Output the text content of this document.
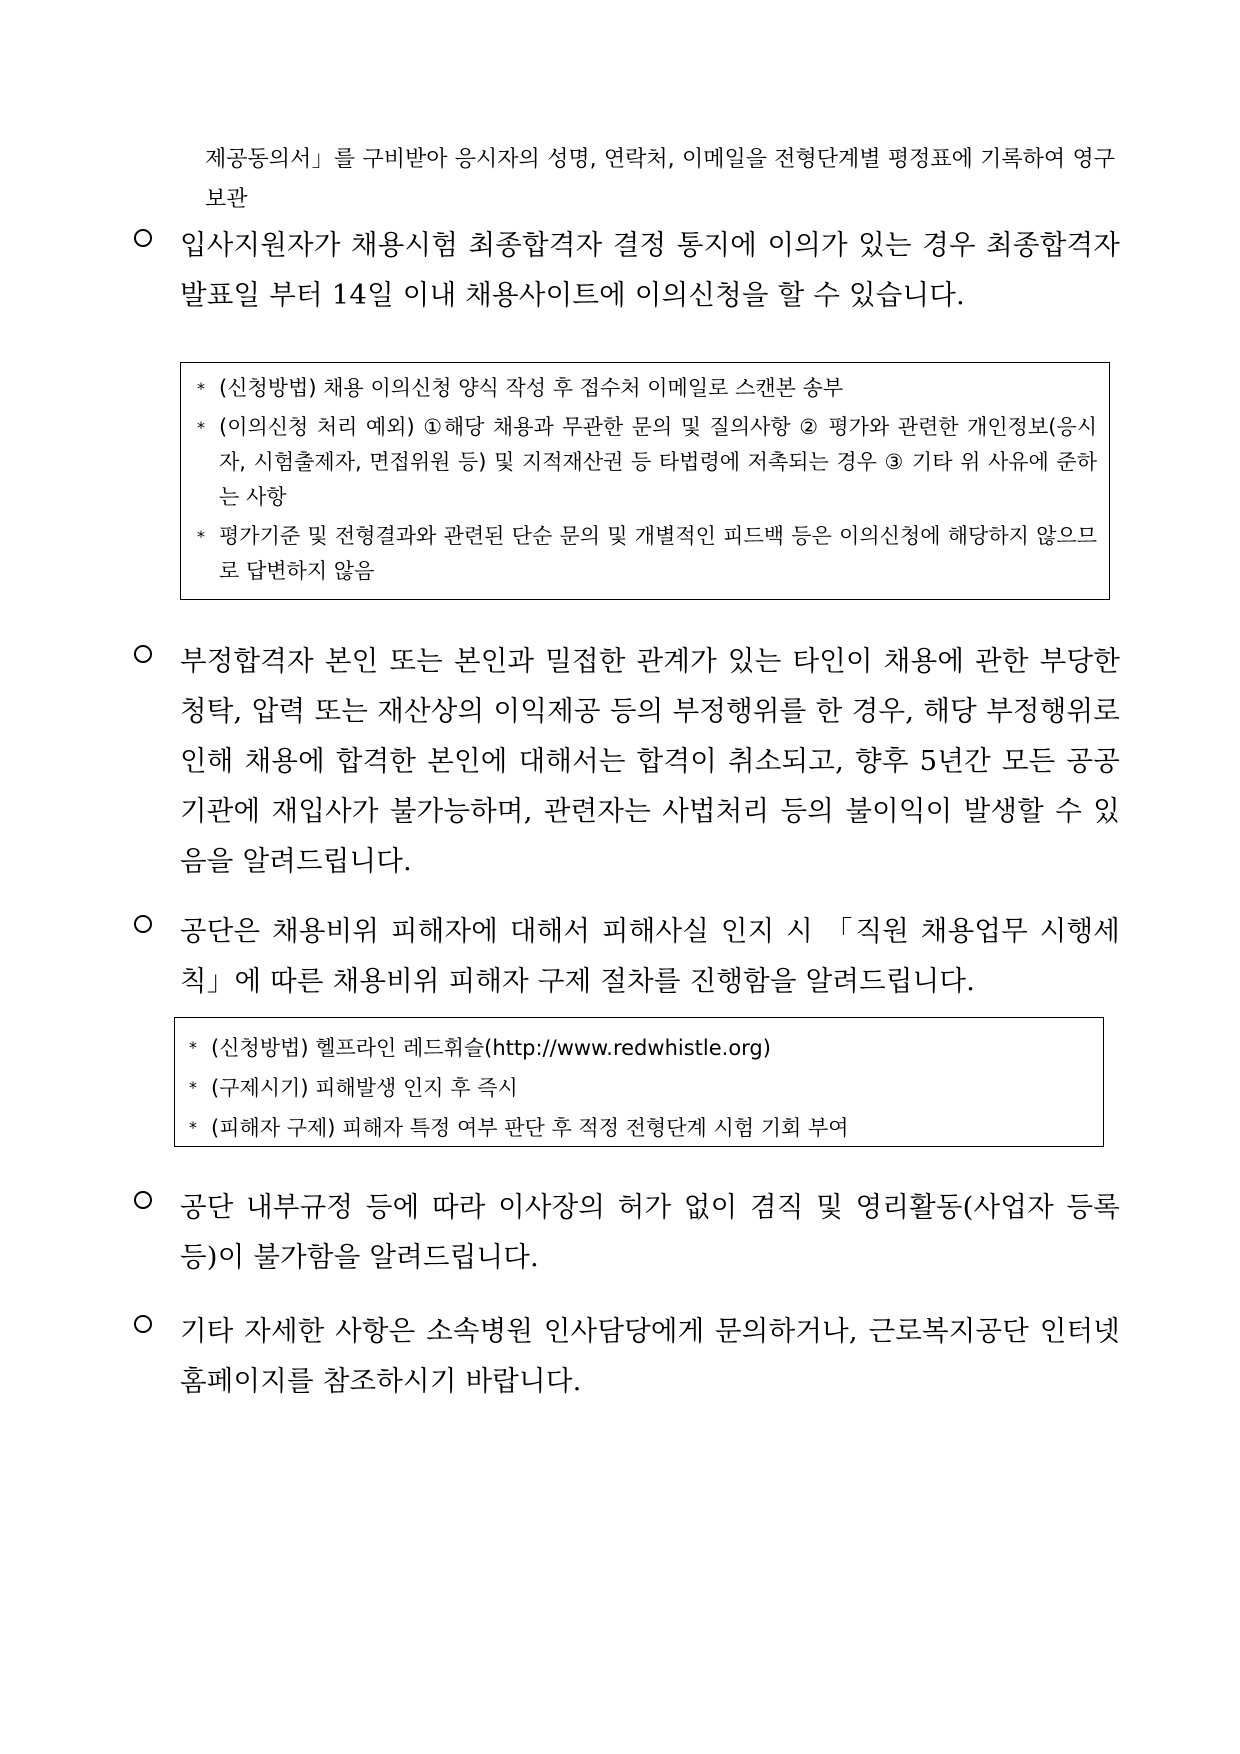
제공동의서」를 구비받아 응시자의 성명, 연락처, 이메일을 전형단계별 평정표에 기록하여 영구 보관

입사지원자가 채용시험 최종합격자 결정 통지에 이의가 있는 경우 최종합격자 발표일 부터 14일 이내 채용사이트에 이의신청을 할 수 있습니다.

* (신청방법) 채용 이의신청 양식 작성 후 접수처 이메일로 스캔본 송부

* (이의신청 처리 예외) ①해당 채용과 무관한 문의 및 질의사항 ② 평가와 관련한 개인정보(응시자, 시험출제자, 면접위원 등) 및 지적재산권 등 타법령에 저촉되는 경우 ③ 기타 위 사유에 준하는 사항

* 평가기준 및 전형결과와 관련된 단순 문의 및 개별적인 피드백 등은 이의신청에 해당하지 않으므로 답변하지 않음

부정합격자 본인 또는 본인과 밀접한 관계가 있는 타인이 채용에 관한 부당한 청탁, 압력 또는 재산상의 이익제공 등의 부정행위를 한 경우, 해당 부정행위로 인해 채용에 합격한 본인에 대해서는 합격이 취소되고, 향후 5년간 모든 공공기관에 재입사가 불가능하며, 관련자는 사법처리 등의 불이익이 발생할 수 있음을 알려드립니다.

공단은 채용비위 피해자에 대해서 피해사실 인지 시 「직원 채용업무 시행세칙」에 따른 채용비위 피해자 구제 절차를 진행함을 알려드립니다.

* (신청방법) 헬프라인 레드휘슬(http://www.redwhistle.org)

* (구제시기) 피해발생 인지 후 즉시

* (피해자 구제) 피해자 특정 여부 판단 후 적정 전형단계 시험 기회 부여

공단 내부규정 등에 따라 이사장의 허가 없이 겸직 및 영리활동(사업자 등록 등)이 불가함을 알려드립니다.

기타 자세한 사항은 소속병원 인사담당에게 문의하거나, 근로복지공단 인터넷 홈페이지를 참조하시기 바랍니다.
